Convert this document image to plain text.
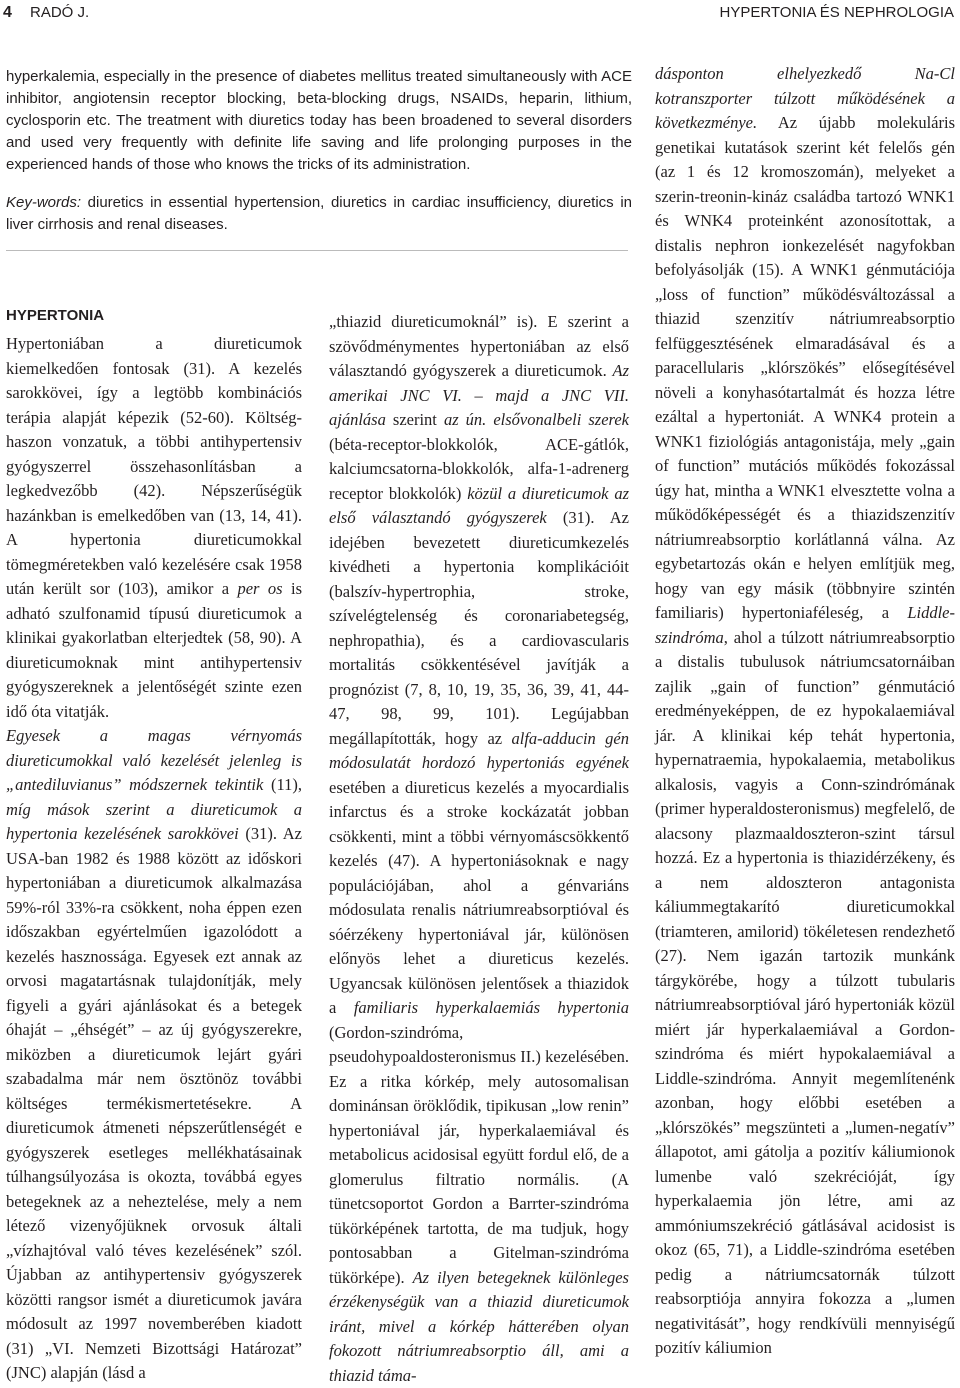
4 RADÓ J.	HYPERTONIA ÉS NEPHROLOGIA

hyperkalemia, especially in the presence of diabetes mellitus treated simultaneously with ACE inhibitor, angiotensin receptor blocking, beta-blocking drugs, NSAIDs, heparin, lithium, cyclosporin etc. The treatment with diuretics today has been broadened to several disorders and used very frequently with definite life saving and life prolonging purposes in the experienced hands of those who knows the tricks of its administration.

Key-words: diuretics in essential hypertension, diuretics in cardiac insufficiency, diuretics in liver cirrhosis and renal diseases.

HYPERTONIA

Hypertoniában a diureticumok kiemelkedően fontosak (31). A kezelés sarokkövei, így a legtöbb kombinációs terápia alapját képezik (52-60). Költség-haszon vonzatuk, a többi antihypertensiv gyógyszerrel összehasonlításban a legkedvezőbb (42). Népszerűségük hazánkban is emelkedőben van (13, 14, 41). A hypertonia diureticumokkal tömegméretekben való kezelésére csak 1958 után került sor (103), amikor a per os is adható szulfonamid típusú diureticumok a klinikai gyakorlatban elterjedtek (58, 90). A diureticumoknak mint antihypertensiv gyógyszereknek a jelentőségét szinte ezen idő óta vitatják.

Egyesek a magas vérnyomás diureticumokkal való kezelését jelenleg is „antediluvianus” módszernek tekintik (11), míg mások szerint a diureticumok a hypertonia kezelésének sarokkövei (31). Az USA-ban 1982 és 1988 között az időskori hypertoniában a diureticumok alkalmazása 59%-ról 33%-ra csökkent, noha éppen ezen időszakban egyértelműen igazolódott a kezelés hasznossága. Egyesek ezt annak az orvosi magatartásnak tulajdonítják, mely figyeli a gyári ajánlásokat és a betegek óhaját – „éhségét” – az új gyógyszerekre, miközben a diureticumok lejárt gyári szabadalma már nem ösztönöz további költséges termékismertetésekre. A diureticumok átmeneti népszerűtlenségét e gyógyszerek esetleges mellékhatásainak túlhangsúlyozása is okozta, továbbá egyes betegeknek az a neheztelése, mely a nem létező vizenyőjüknek orvosuk általi „vízhajtóval való téves kezelésének” szól. Újabban az antihypertensiv gyógyszerek közötti rangsor ismét a diureticumok javára módosult az 1997 novemberében kiadott (31) „VI. Nemzeti Bizottsági Határozat” (JNC) alapján (lásd a

„thiazid diureticumoknál” is). E szerint a szövődménymentes hypertoniában az első választandó gyógyszerek a diureticumok. Az amerikai JNC VI. – majd a JNC VII. ajánlása szerint az ún. elsővonalbeli szerek (béta-receptor-blokkolók, ACE-gátlók, kalciumcsatorna-blokkolók, alfa-1-adrenerg receptor blokkolók) közül a diureticumok az első választandó gyógyszerek (31). Az idejében bevezetett diureticumkezelés kivédheti a hypertonia komplikációit (balszív-hypertrophia, stroke, szívelégtelenség és coronariabetegség, nephropathia), és a cardiovascularis mortalitás csökkentésével javítják a prognózist (7, 8, 10, 19, 35, 36, 39, 41, 44-47, 98, 99, 101). Legújabban megállapították, hogy az alfa-adducin gén módosulatát hordozó hypertoniás egyének esetében a diureticus kezelés a myocardialis infarctus és a stroke kockázatát jobban csökkenti, mint a többi vérnyomáscsökkentő kezelés (47). A hypertoniásoknak e nagy populációjában, ahol a génvariáns módosulata renalis nátriumreabsorptióval és sóérzékeny hypertoniával jár, különösen előnyös lehet a diureticus kezelés. Ugyancsak különösen jelentősek a thiazidok a familiaris hyperkalaemiás hypertonia (Gordon-szindróma, pseudohypoaldosteronismus II.) kezelésében. Ez a ritka kórkép, mely autosomalisan dominánsan öröklődik, tipikusan „low renin” hypertoniával jár, hyperkalaemiával és metabolicus acidosisal együtt fordul elő, de a glomerulus filtratio normális. (A tünetcsoportot Gordon a Barrter-szindróma tükörképének tartotta, de ma tudjuk, hogy pontosabban a Gitelman-szindróma tükörképe). Az ilyen betegeknek különleges érzékenységük van a thiazid diureticumok iránt, mivel a kórkép hátterében olyan fokozott nátriumreabsorptio áll, ami a thiazid táma-

dásponton elhelyezkedő Na-Cl kotranszporter túlzott működésének a következménye. Az újabb molekuláris genetikai kutatások szerint két felelős gén (az 1 és 12 kromoszomán), melyeket a szerin-treonin-kináz családba tartozó WNK1 és WNK4 proteinként azonosítottak, a distalis nephron ionkezelését nagyfokban befolyásolják (15). A WNK1 génmutációja „loss of function” működésváltozással a thiazid szenzitív nátriumreabsorptio felfüggesztésének elmaradásával és a paracellularis „klórszökés” elősegítésével növeli a konyhasótartalmát és hozza létre ezáltal a hypertoniát. A WNK4 protein a WNK1 fiziológiás antagonistája, mely „gain of function” mutációs működés fokozással úgy hat, mintha a WNK1 elvesztette volna a működőképességét és a thiazidszenzitív nátriumreabsorptio korlátlanná válna. Az egybetartozás okán e helyen említjük meg, hogy van egy másik (többnyire szintén familiaris) hypertoniaféleség, a Liddle-szindróma, ahol a túlzott nátriumreabsorptio a distalis tubulusok nátriumcsatornáiban zajlik „gain of function” génmutáció eredményeképpen, de ez hypokalaemiával jár. A klinikai kép tehát hypertonia, hypernatraemia, hypokalaemia, metabolikus alkalosis, vagyis a Conn-szindrómának (primer hyperaldosteronismus) megfelelő, de alacsony plazmaaldoszteron-szint társul hozzá. Ez a hypertonia is thiazidérzékeny, és a nem aldoszteron antagonista káliummegtakarító diureticumokkal (triamteren, amilorid) tökéletesen rendezhető (27). Nem igazán tartozik munkánk tárgykörébe, hogy a túlzott tubularis nátriumreabsorptióval járó hypertoniák közül miért jár hyperkalaemiával a Gordon-szindróma és miért hypokalaemiával a Liddle-szindróma. Annyit megemlítenénk azonban, hogy előbbi esetében a „klórszökés” megszünteti a „lumen-negatív” állapotot, ami gátolja a pozitív káliumionok lumenbe való szekrécióját, így hyperkalaemia jön létre, ami az ammóniumszekréció gátlásával acidosist is okoz (65, 71), a Liddle-szindróma esetében pedig a nátriumcsatornák túlzott reabsorptiója annyira fokozza a „lumen negativitását”, hogy rendkívüli mennyiségű pozitív káliumion
